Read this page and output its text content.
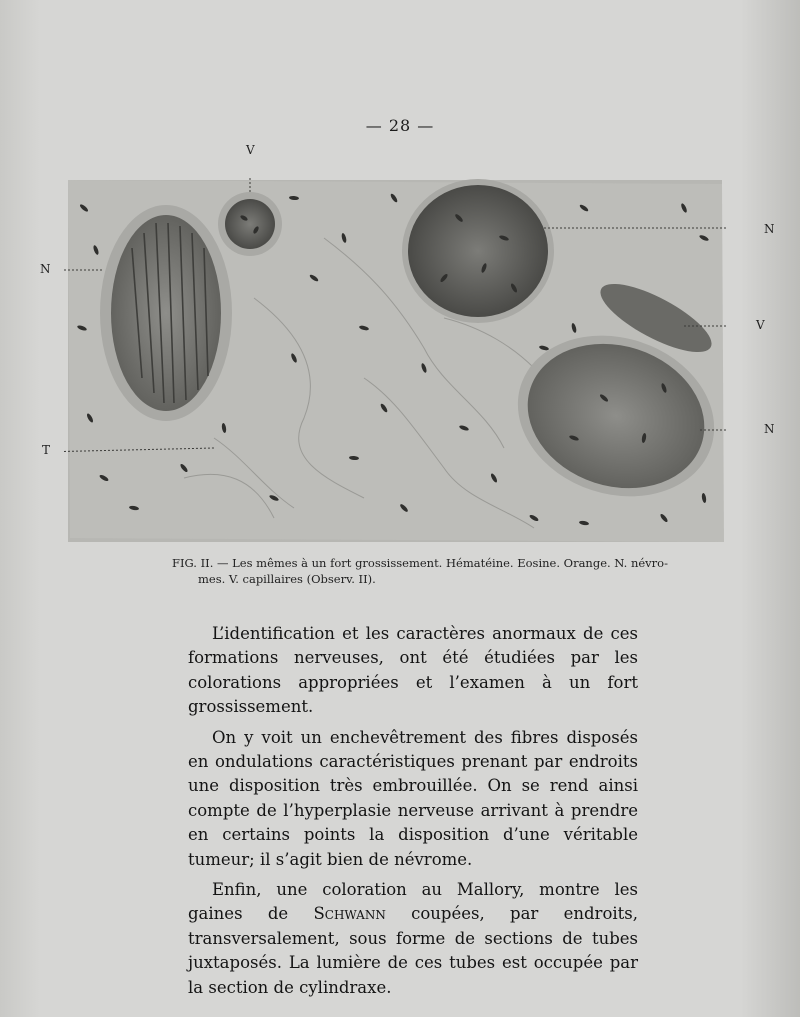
— 28 —
N
T
V
N
V
N
FIG. II. — Les mêmes à un fort grossissement. Hématéine. Eosine. Orange. N. névro-
mes. V. capillaires (Observ. II).

L’identification et les caractères anormaux de ces formations nerveuses, ont été étudiées par les colorations appropriées et l’examen à un fort grossissement.

On y voit un enchevêtrement des fibres disposés en ondulations caractéristiques prenant par endroits une disposition très embrouillée. On se rend ainsi compte de l’hyperplasie nerveuse arrivant à prendre en certains points la disposition d’une véritable tumeur; il s’agit bien de névrome.

Enfin, une coloration au Mallory, montre les gaines de Schwann coupées, par endroits, transversalement, sous forme de sections de tubes juxtaposés. La lumière de ces tubes est occupée par la section de cylindraxe.
